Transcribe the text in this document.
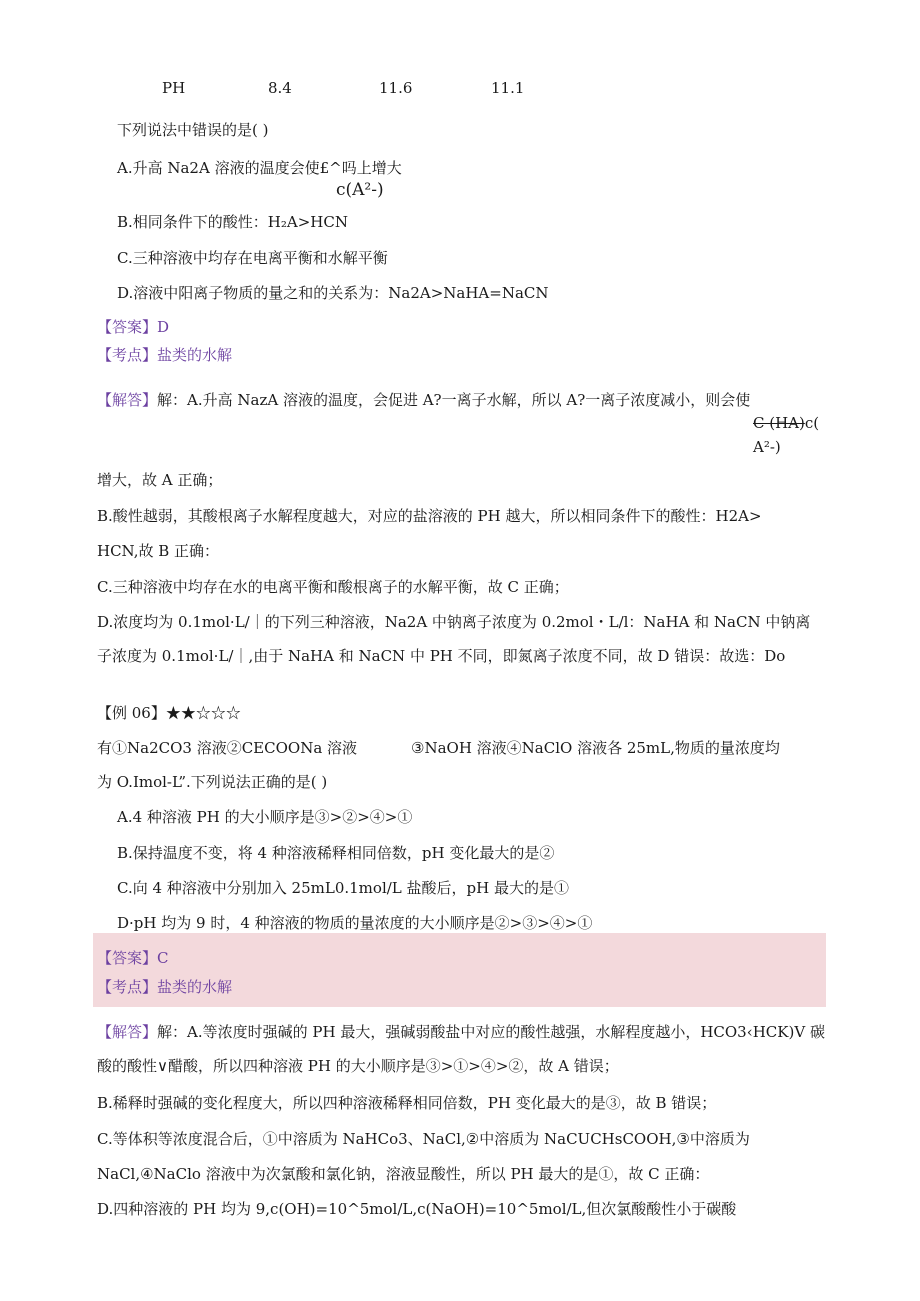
PH	8.4	11.6	11.1
下列说法中错误的是( )
A.升高 Na2A 溶液的温度会使£^吗上增大
c(A²-)
B.相同条件下的酸性：H₂A>HCN
C.三种溶液中均存在电离平衡和水解平衡
D.溶液中阳离子物质的量之和的关系为：Na2A>NaHA=NaCN
【答案】D
【考点】盐类的水解
【解答】解：A.升高 NazA 溶液的温度，会促进 A?一离子水解，所以 A?一离子浓度减小，则会使
C (HA)c(
A²-)
增大，故 A 正确；
B.酸性越弱，其酸根离子水解程度越大，对应的盐溶液的 PH 越大，所以相同条件下的酸性：H2A>
HCN,故 B 正确：
C.三种溶液中均存在水的电离平衡和酸根离子的水解平衡，故 C 正确；
D.浓度均为 0.1mol·L/｜的下列三种溶液，Na2A 中钠离子浓度为 0.2mol・L/l：NaHA 和 NaCN 中钠离
子浓度为 0.1mol·L/｜,由于 NaHA 和 NaCN 中 PH 不同，即氮离子浓度不同，故 D 错误：故选：Do
【例 06】★★☆☆☆
有①Na2CO3 溶液②CECOONa 溶液	③NaOH 溶液④NaClO 溶液各 25mL,物质的量浓度均
为 O.Imol-L”.下列说法正确的是( )
A.4 种溶液 PH 的大小顺序是③>②>④>①
B.保持温度不变，将 4 种溶液稀释相同倍数，pH 变化最大的是②
C.向 4 种溶液中分别加入 25mL0.1mol∕L 盐酸后，pH 最大的是①
D·pH 均为 9 时，4 种溶液的物质的量浓度的大小顺序是②>③>④>①
【答案】C
【考点】盐类的水解
【解答】解：A.等浓度时强碱的 PH 最大，强碱弱酸盐中对应的酸性越强，水解程度越小，HCO3‹HCK)V 碳
酸的酸性∨醋酸，所以四种溶液 PH 的大小顺序是③>①>④>②，故 A 错误；
B.稀释时强碱的变化程度大，所以四种溶液稀释相同倍数，PH 变化最大的是③，故 B 错误；
C.等体积等浓度混合后，①中溶质为 NaHCo3、NaCl,②中溶质为 NaCUCHsCOOH,③中溶质为
NaCl,④NaClo 溶液中为次氯酸和氯化钠，溶液显酸性，所以 PH 最大的是①，故 C 正确：
D.四种溶液的 PH 均为 9,c(OH)=10^5mol∕L,c(NaOH)=10^5mol∕L,但次氯酸酸性小于碳酸
